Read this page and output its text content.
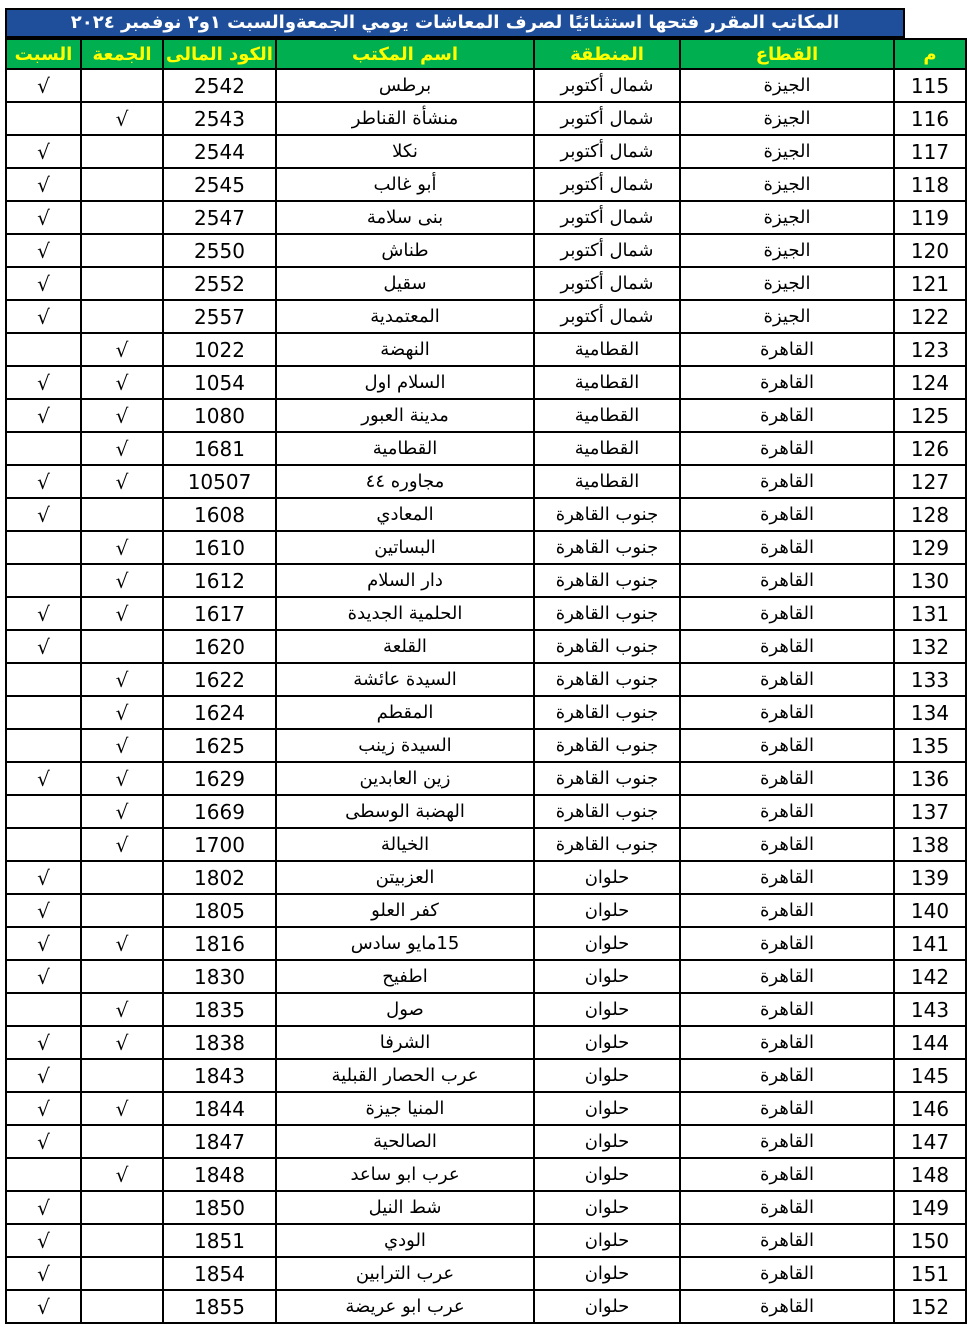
المكاتب المقرر فتحها استثنائيًا لصرف المعاشات يومي الجمعةوالسبت ١و٢ نوفمبر ٢٠٢٤
م	القطاع	المنطقة	اسم المكتب	الكود المالى	الجمعة	السبت
115	الجيزة	شمال أكتوبر	برطس	2542		√
116	الجيزة	شمال أكتوبر	منشأة القناطر	2543	√	
117	الجيزة	شمال أكتوبر	نكلا	2544		√
118	الجيزة	شمال أكتوبر	أبو غالب	2545		√
119	الجيزة	شمال أكتوبر	بنى سلامة	2547		√
120	الجيزة	شمال أكتوبر	طناش	2550		√
121	الجيزة	شمال أكتوبر	سقيل	2552		√
122	الجيزة	شمال أكتوبر	المعتمدية	2557		√
123	القاهرة	القطامية	النهضة	1022	√	
124	القاهرة	القطامية	السلام اول	1054	√	√
125	القاهرة	القطامية	مدينة العبور	1080	√	√
126	القاهرة	القطامية	القطامية	1681	√	
127	القاهرة	القطامية	مجاوره ٤٤	10507	√	√
128	القاهرة	جنوب القاهرة	المعادي	1608		√
129	القاهرة	جنوب القاهرة	البساتين	1610	√	
130	القاهرة	جنوب القاهرة	دار السلام	1612	√	
131	القاهرة	جنوب القاهرة	الحلمية الجديدة	1617	√	√
132	القاهرة	جنوب القاهرة	القلعة	1620		√
133	القاهرة	جنوب القاهرة	السيدة عائشة	1622	√	
134	القاهرة	جنوب القاهرة	المقطم	1624	√	
135	القاهرة	جنوب القاهرة	السيدة زينب	1625	√	
136	القاهرة	جنوب القاهرة	زين العابدين	1629	√	√
137	القاهرة	جنوب القاهرة	الهضبة الوسطى	1669	√	
138	القاهرة	جنوب القاهرة	الخيالة	1700	√	
139	القاهرة	حلوان	العزبيتن	1802		√
140	القاهرة	حلوان	كفر العلو	1805		√
141	القاهرة	حلوان	15مايو سادس	1816	√	√
142	القاهرة	حلوان	اطفيح	1830		√
143	القاهرة	حلوان	صول	1835	√	
144	القاهرة	حلوان	الشرفا	1838	√	√
145	القاهرة	حلوان	عرب الحصار القبلية	1843		√
146	القاهرة	حلوان	المنيا جيزة	1844	√	√
147	القاهرة	حلوان	الصالحية	1847		√
148	القاهرة	حلوان	عرب ابو ساعد	1848	√	
149	القاهرة	حلوان	شط النيل	1850		√
150	القاهرة	حلوان	الودي	1851		√
151	القاهرة	حلوان	عرب الترابين	1854		√
152	القاهرة	حلوان	عرب ابو عريضة	1855		√
